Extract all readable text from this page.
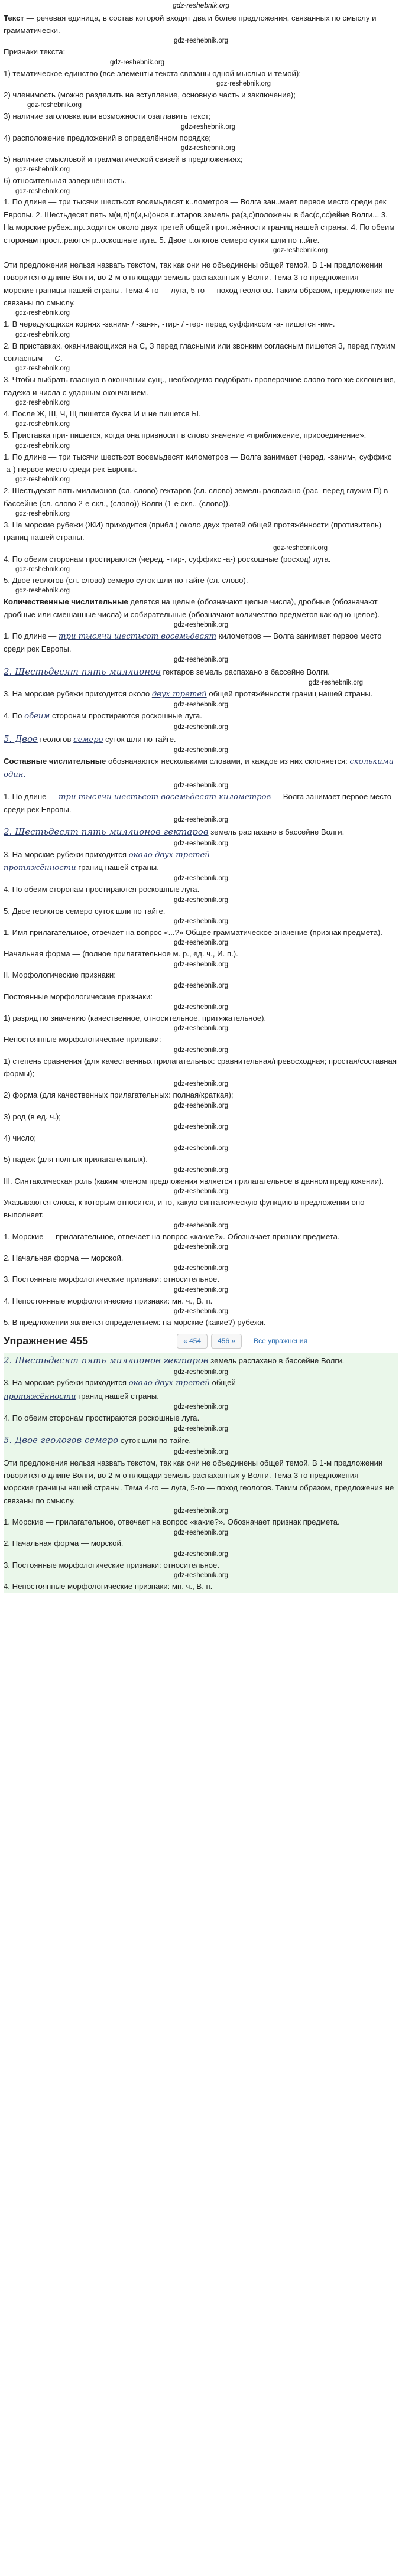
gdz-reshebnik.org

Текст — речевая единица, в состав которой входит два и более предложения, связанных по смыслу и грамматически.

gdz-reshebnik.org

Признаки текста:

gdz-reshebnik.org

1) тематическое единство (все элементы текста связаны одной мыслью и темой);

gdz-reshebnik.org

2) членимость (можно разделить на вступление, основную часть и заключение);

gdz-reshebnik.org

3) наличие заголовка или возможности озаглавить текст;

gdz-reshebnik.org

4) расположение предложений в определённом порядке;

gdz-reshebnik.org

5) наличие смысловой и грамматической связей в предложениях;

gdz-reshebnik.org

6) относительная завершённость.

gdz-reshebnik.org

1. По длине — три тысячи шестьсот восемьдесят к..лометров — Волга зан..мает первое место среди рек Европы. 2. Шестьдесят пять м(и,л)л(и,ы)онов г..ктаров земель ра(з,с)положены в бас(с,сс)ейне Волги... 3. На морские рубеж..пр..ходится около двух третей общей прот..жённости границ нашей страны. 4. По обеим сторонам прост..раются р..оскошные луга. 5. Двое г..ологов семеро сутки шли по т..йге.

gdz-reshebnik.org

Эти предложения нельзя назвать текстом, так как они не объединены общей темой. В 1-м предложении говорится о длине Волги, во 2-м о площади земель распаханных у Волги. Тема 3-го предложения — морские границы нашей страны. Тема 4-го — луга, 5-го — поход геологов. Таким образом, предложения не связаны по смыслу.

gdz-reshebnik.org

1. В чередующихся корнях -заним- / -заня-, -тир- / -тер- перед суффиксом -а- пишется -им-.

gdz-reshebnik.org

2. В приставках, оканчивающихся на С, З перед гласными или звонким согласным пишется З, перед глухим согласным — С.

gdz-reshebnik.org

3. Чтобы выбрать гласную в окончании сущ., необходимо подобрать проверочное слово того же склонения, падежа и числа с ударным окончанием.

gdz-reshebnik.org

4. После Ж, Ш, Ч, Щ пишется буква И и не пишется Ы.

gdz-reshebnik.org

5. Приставка при- пишется, когда она привносит в слово значение «приближение, присоединение».

gdz-reshebnik.org

1. По длине — три тысячи шестьсот восемьдесят километров — Волга занимает (черед. -заним-, суффикс -а-) первое место среди рек Европы.

gdz-reshebnik.org

2. Шестьдесят пять миллионов (сл. слово) гектаров (сл. слово) земель распахано (рас- перед глухим П) в бассейне (сл. слово 2-е скл., (слово)) Волги (1-е скл., (слово)).

gdz-reshebnik.org

3. На морские рубежи (ЖИ) приходится (прибл.) около двух третей общей протяжённости (противитель) границ нашей страны.

gdz-reshebnik.org

4. По обеим сторонам простираются (черед. -тир-, суффикс -а-) роскошные (росход) луга.

gdz-reshebnik.org

5. Двое геологов (сл. слово) семеро суток шли по тайге (сл. слово).

gdz-reshebnik.org

Количественные числительные делятся на целые (обозначают целые числа), дробные (обозначают дробные или смешанные числа) и собирательные (обозначают количество предметов как одно целое).

gdz-reshebnik.org

1. По длине — три тысячи шестьсот восемьдесят километров — Волга занимает первое место среди рек Европы.

gdz-reshebnik.org

2. Шестьдесят пять миллионов гектаров земель распахано в бассейне Волги.

gdz-reshebnik.org

3. На морские рубежи приходится около двух третей общей протяжённости границ нашей страны.

gdz-reshebnik.org

4. По обеим сторонам простираются роскошные луга.

gdz-reshebnik.org

5. Двое геологов семеро суток шли по тайге.

gdz-reshebnik.org

Составные числительные обозначаются несколькими словами, и каждое из них склоняется: сколькими один.

gdz-reshebnik.org

1. По длине — три тысячи шестьсот восемьдесят километров — Волга занимает первое место среди рек Европы.

gdz-reshebnik.org

2. Шестьдесят пять миллионов гектаров земель распахано в бассейне Волги.

gdz-reshebnik.org

3. На морские рубежи приходится около двух третей
протяжённости границ нашей страны.

gdz-reshebnik.org

4. По обеим сторонам простираются роскошные луга.

gdz-reshebnik.org

5. Двое геологов семеро суток шли по тайге.

gdz-reshebnik.org

1. Имя прилагательное, отвечает на вопрос «...?» Общее грамматическое значение (признак предмета).

gdz-reshebnik.org

Начальная форма — (полное прилагательное м. р., ед. ч., И. п.).

gdz-reshebnik.org

II. Морфологические признаки:

gdz-reshebnik.org

Постоянные морфологические признаки:

gdz-reshebnik.org

1) разряд по значению (качественное, относительное, притяжательное).

gdz-reshebnik.org

Непостоянные морфологические признаки:

gdz-reshebnik.org

1) степень сравнения (для качественных прилагательных: сравнительная/превосходная; простая/составная формы);

gdz-reshebnik.org

2) форма (для качественных прилагательных: полная/краткая);

gdz-reshebnik.org

3) род (в ед. ч.);

gdz-reshebnik.org

4) число;

gdz-reshebnik.org

5) падеж (для полных прилагательных).

gdz-reshebnik.org

III. Синтаксическая роль (каким членом предложения является прилагательное в данном предложении).

gdz-reshebnik.org

Указываются слова, к которым относится, и то, какую синтаксическую функцию в предложении оно выполняет.

gdz-reshebnik.org

1. Морские — прилагательное, отвечает на вопрос «какие?». Обозначает признак предмета.

gdz-reshebnik.org

2. Начальная форма — морской.

gdz-reshebnik.org

3. Постоянные морфологические признаки: относительное.

gdz-reshebnik.org

4. Непостоянные морфологические признаки: мн. ч., В. п.

gdz-reshebnik.org

5. В предложении является определением: на морские (какие?) рубежи.

Упражнение 455	« 454	456 »	Все упражнения

2. Шестьдесят пять миллионов гектаров земель распахано в бассейне Волги.

gdz-reshebnik.org

3. На морские рубежи приходится около двух третей общей
протяжённости границ нашей страны.

gdz-reshebnik.org

4. По обеим сторонам простираются роскошные луга.

gdz-reshebnik.org

5. Двое геологов семеро суток шли по тайге.

gdz-reshebnik.org

Эти предложения нельзя назвать текстом, так как они не объединены общей темой. В 1-м предложении говорится о длине Волги, во 2-м о площади земель распаханных у Волги. Тема 3-го предложения — морские границы нашей страны. Тема 4-го — луга, 5-го — поход геологов. Таким образом, предложения не связаны по смыслу.

gdz-reshebnik.org

1. Морские — прилагательное, отвечает на вопрос «какие?». Обозначает признак предмета.

gdz-reshebnik.org

2. Начальная форма — морской.

gdz-reshebnik.org

3. Постоянные морфологические признаки: относительное.

gdz-reshebnik.org

4. Непостоянные морфологические признаки: мн. ч., В. п.
